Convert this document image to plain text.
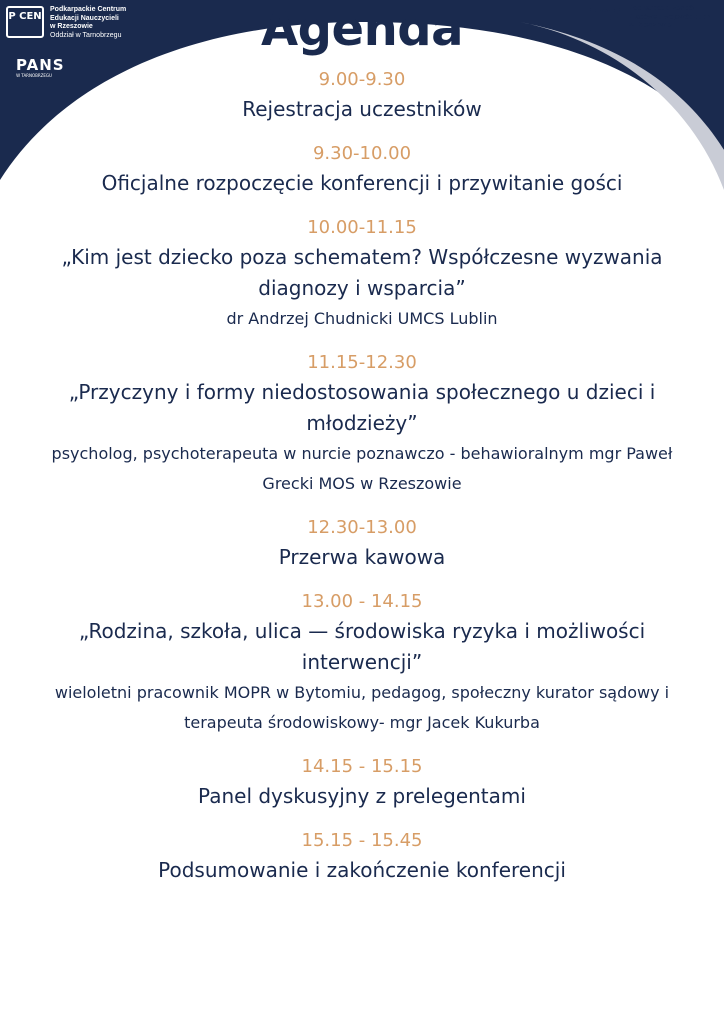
P CEN
Podkarpackie Centrum
Edukacji Nauczycieli
w Rzeszowie
Oddział w Tarnobrzegu
PANS
W TARNOBRZEGU
Podkarpacki Zespół
Placówek Wojewódzkich
w Rzeszowie
Agenda
9.00-9.30
Rejestracja uczestników
9.30-10.00
Oficjalne rozpoczęcie konferencji i przywitanie gości
10.00-11.15
„Kim jest dziecko poza schematem? Współczesne wyzwania diagnozy i wsparcia”
dr Andrzej Chudnicki UMCS Lublin
11.15-12.30
„Przyczyny i formy niedostosowania społecznego u dzieci i młodzieży”
psycholog, psychoterapeuta w nurcie poznawczo - behawioralnym mgr Paweł Grecki MOS w Rzeszowie
12.30-13.00
Przerwa kawowa
13.00 - 14.15
„Rodzina, szkoła, ulica — środowiska ryzyka i możliwości interwencji”
wieloletni pracownik MOPR w Bytomiu, pedagog, społeczny kurator sądowy i terapeuta środowiskowy- mgr Jacek Kukurba
14.15 - 15.15
Panel dyskusyjny z prelegentami
15.15 - 15.45
Podsumowanie i zakończenie konferencji
